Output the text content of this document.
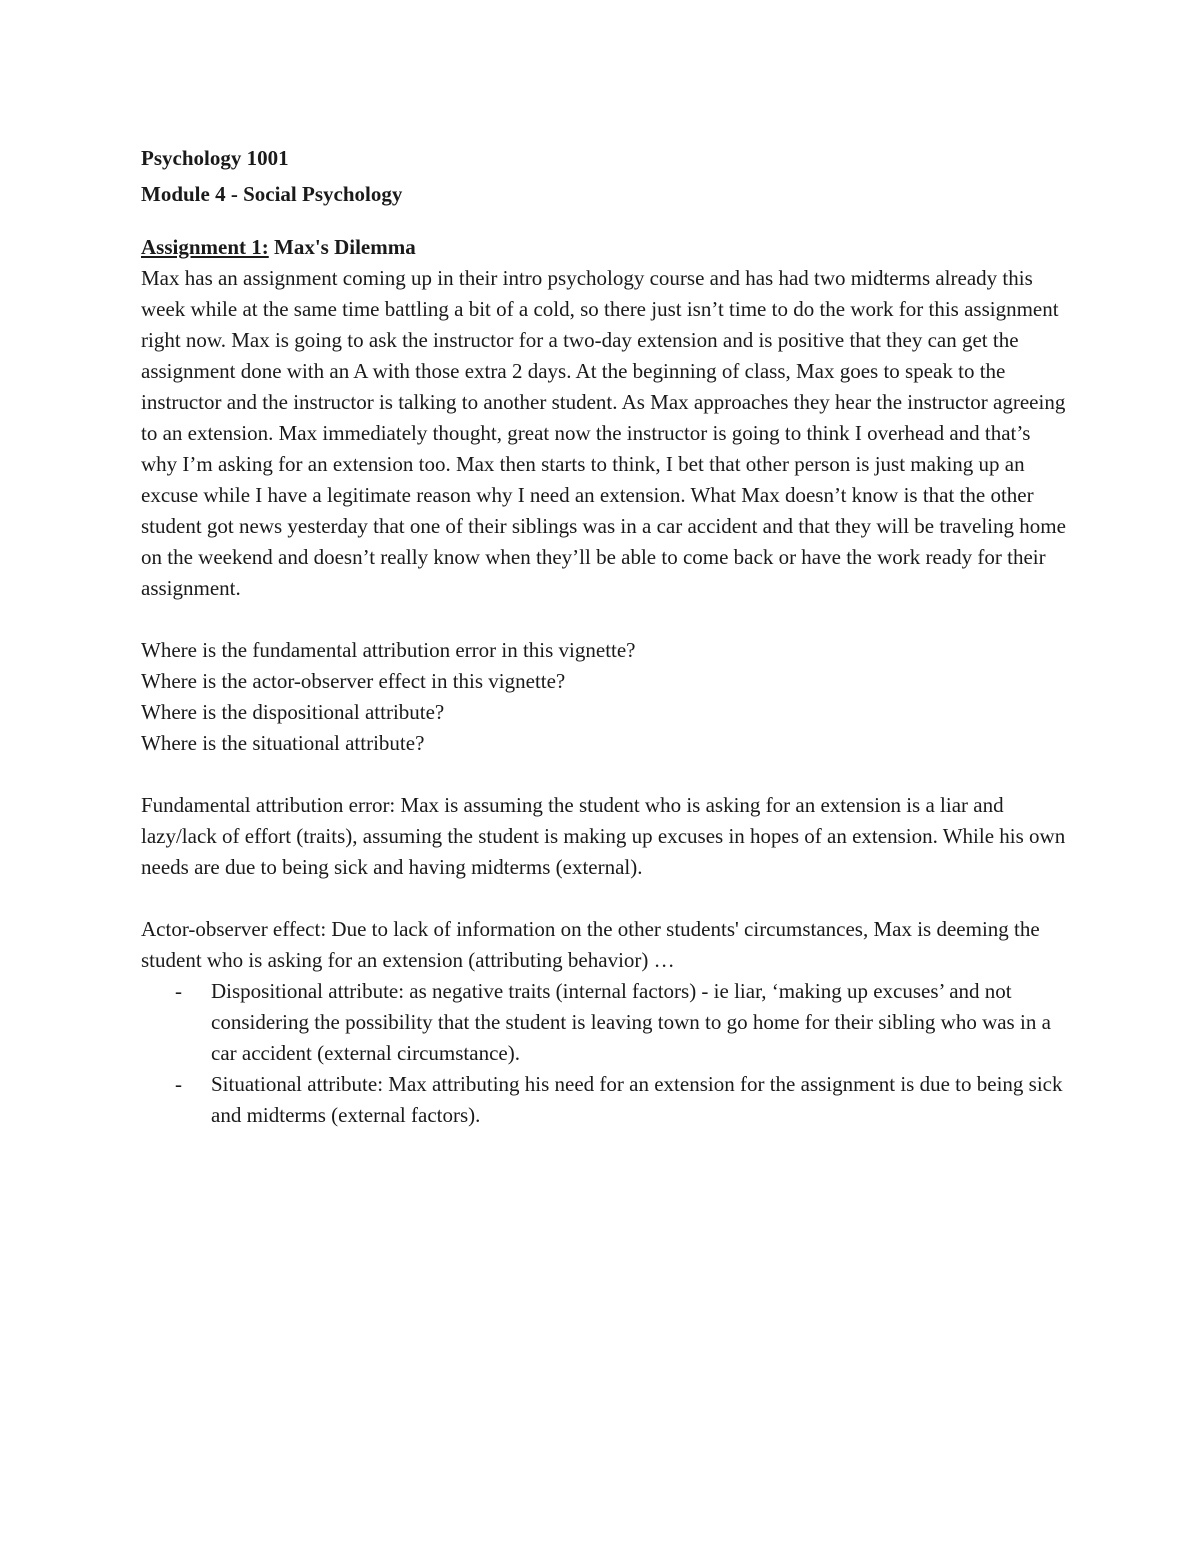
Psychology 1001

Module 4 - Social Psychology

Assignment 1: Max's Dilemma

Max has an assignment coming up in their intro psychology course and has had two midterms already this week while at the same time battling a bit of a cold, so there just isn’t time to do the work for this assignment right now. Max is going to ask the instructor for a two-day extension and is positive that they can get the assignment done with an A with those extra 2 days. At the beginning of class, Max goes to speak to the instructor and the instructor is talking to another student. As Max approaches they hear the instructor agreeing to an extension. Max immediately thought, great now the instructor is going to think I overhead and that’s why I’m asking for an extension too. Max then starts to think, I bet that other person is just making up an excuse while I have a legitimate reason why I need an extension. What Max doesn’t know is that the other student got news yesterday that one of their siblings was in a car accident and that they will be traveling home on the weekend and doesn’t really know when they’ll be able to come back or have the work ready for their assignment.

Where is the fundamental attribution error in this vignette?

Where is the actor-observer effect in this vignette?

Where is the dispositional attribute?

Where is the situational attribute?

Fundamental attribution error: Max is assuming the student who is asking for an extension is a liar and lazy/lack of effort (traits), assuming the student is making up excuses in hopes of an extension. While his own needs are due to being sick and having midterms (external).

Actor-observer effect: Due to lack of information on the other students' circumstances, Max is deeming the student who is asking for an extension (attributing behavior) …

- Dispositional attribute: as negative traits (internal factors) - ie liar, ‘making up excuses’ and not considering the possibility that the student is leaving town to go home for their sibling who was in a car accident (external circumstance).
- Situational attribute: Max attributing his need for an extension for the assignment is due to being sick and midterms (external factors).
